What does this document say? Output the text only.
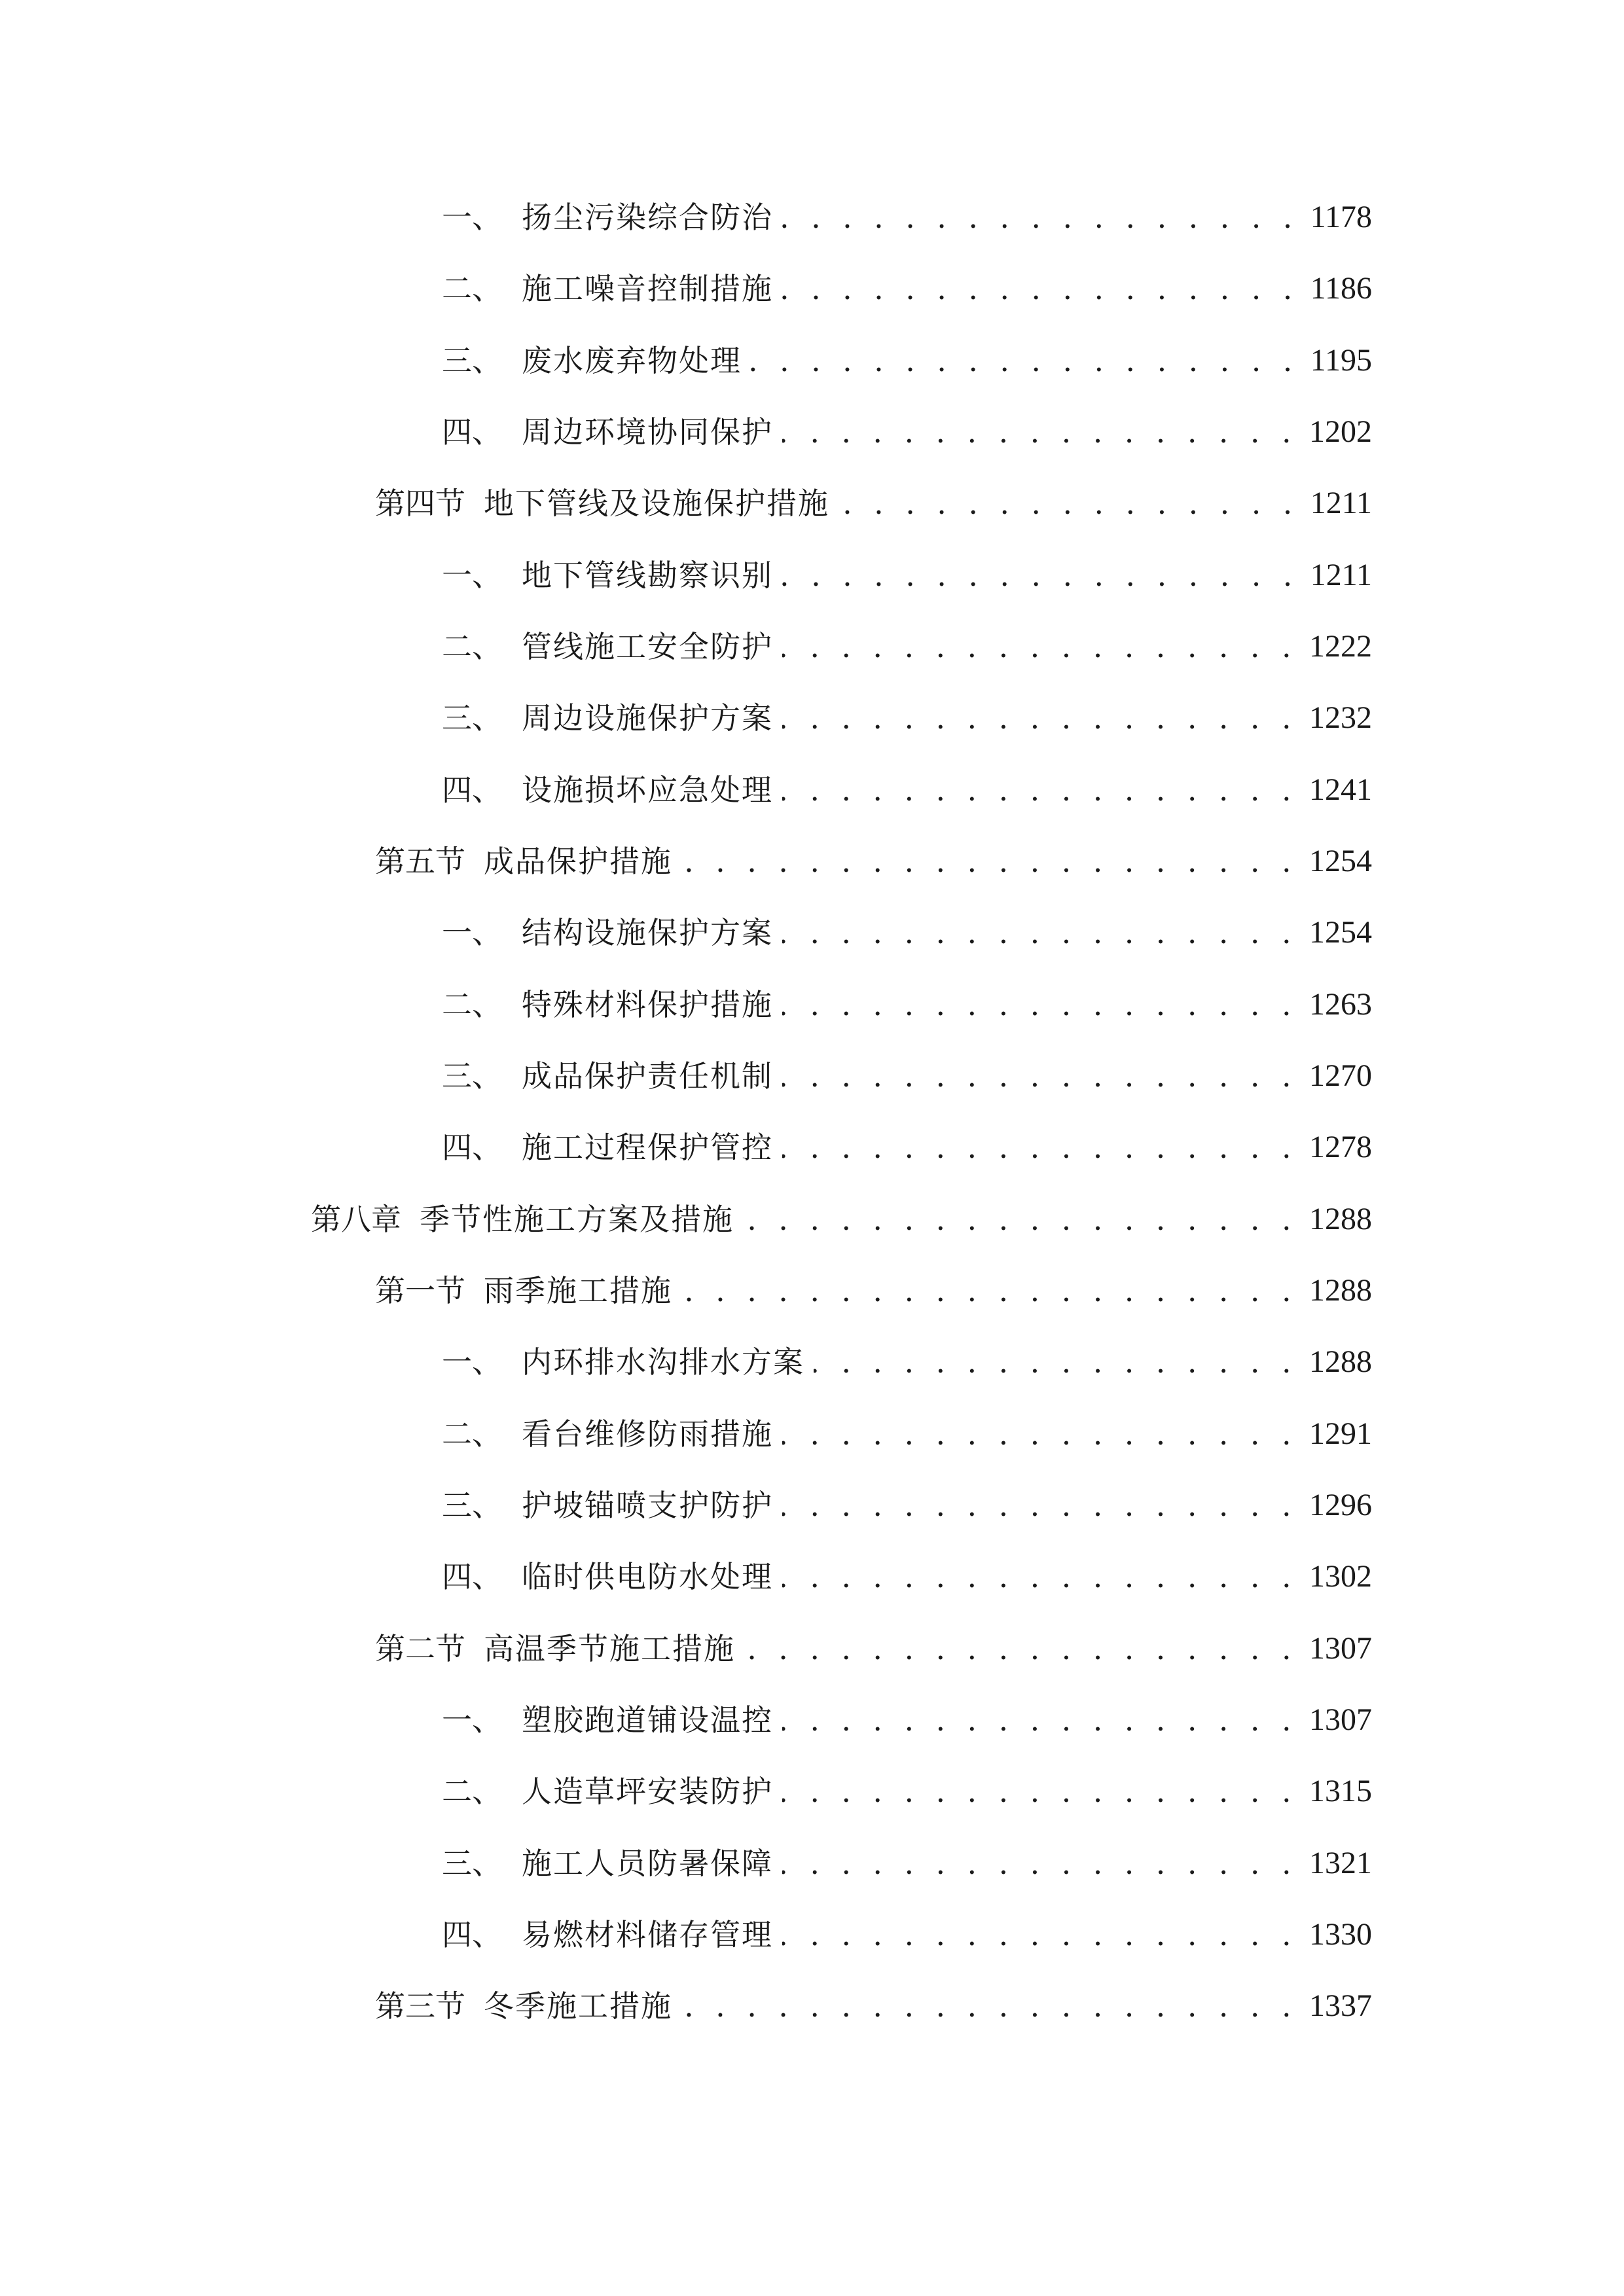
一、 扬尘污染综合防治 . . .	1178
二、 施工噪音控制措施 . . .	1186
三、 废水废弃物处理 . . .	1195
四、 周边环境协同保护 . . .	1202
第四节 地下管线及设施保护措施 . . .	1211
一、 地下管线勘察识别 . . .	1211
二、 管线施工安全防护 . . .	1222
三、 周边设施保护方案 . . .	1232
四、 设施损坏应急处理 . . .	1241
第五节 成品保护措施 . . .	1254
一、 结构设施保护方案 . . .	1254
二、 特殊材料保护措施 . . .	1263
三、 成品保护责任机制 . . .	1270
四、 施工过程保护管控 . . .	1278
第八章 季节性施工方案及措施 . . .	1288
第一节 雨季施工措施 . . .	1288
一、 内环排水沟排水方案 . . .	1288
二、 看台维修防雨措施 . . .	1291
三、 护坡锚喷支护防护 . . .	1296
四、 临时供电防水处理 . . .	1302
第二节 高温季节施工措施 . . .	1307
一、 塑胶跑道铺设温控 . . .	1307
二、 人造草坪安装防护 . . .	1315
三、 施工人员防暑保障 . . .	1321
四、 易燃材料储存管理 . . .	1330
第三节 冬季施工措施 . . .	1337
